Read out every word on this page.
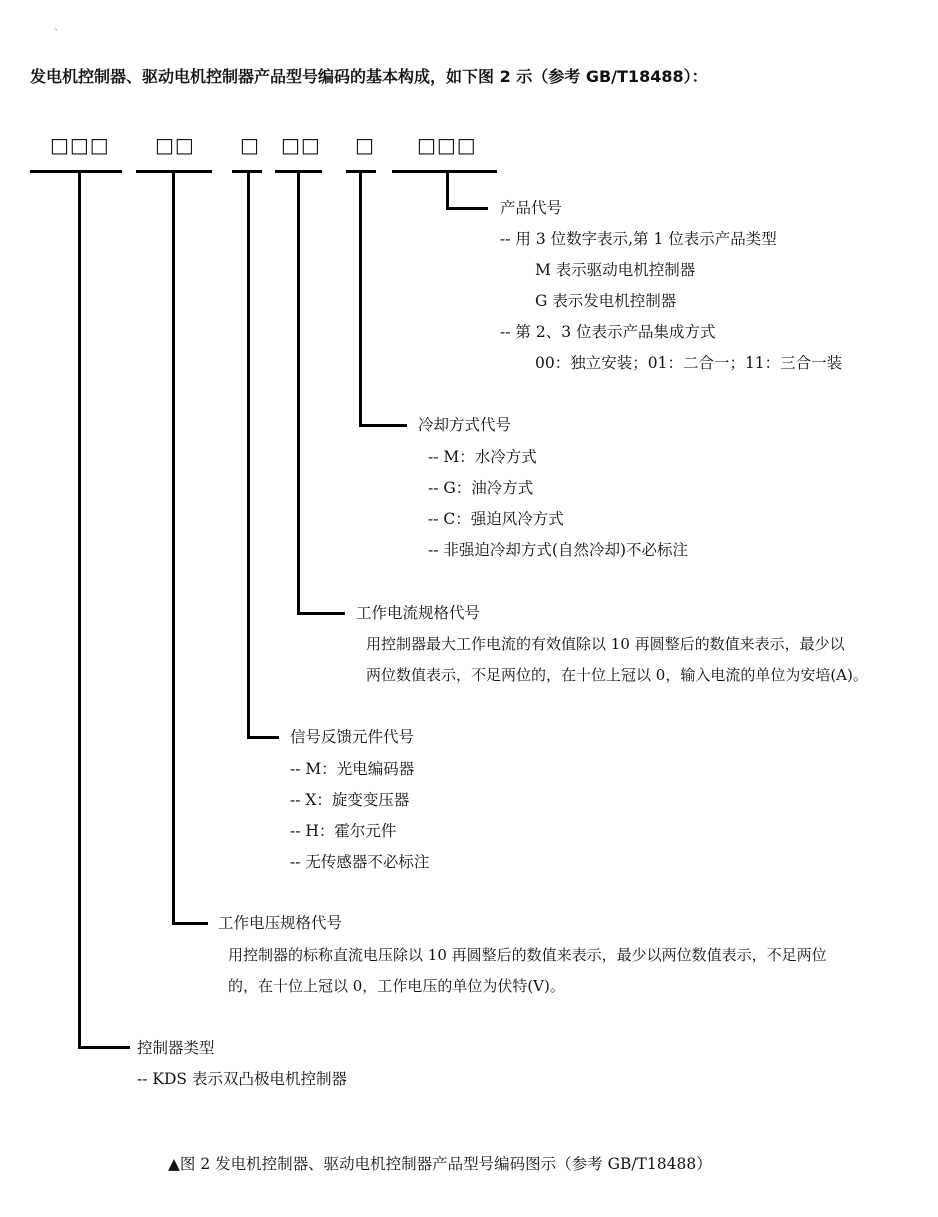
、
发电机控制器、驱动电机控制器产品型号编码的基本构成，如下图 2 示（参考 GB/T18488）：
□□□ □□ □ □□ □ □□□
产品代号
-- 用 3 位数字表示,第 1 位表示产品类型
M 表示驱动电机控制器
G 表示发电机控制器
-- 第 2、3 位表示产品集成方式
00：独立安装；01：二合一；11：三合一装
冷却方式代号
-- M：水冷方式
-- G：油冷方式
-- C：强迫风冷方式
-- 非强迫冷却方式(自然冷却)不必标注
工作电流规格代号
用控制器最大工作电流的有效值除以 10 再圆整后的数值来表示，最少以
两位数值表示，不足两位的，在十位上冠以 0，输入电流的单位为安培(A)。
信号反馈元件代号
-- M：光电编码器
-- X：旋变变压器
-- H：霍尔元件
-- 无传感器不必标注
工作电压规格代号
用控制器的标称直流电压除以 10 再圆整后的数值来表示，最少以两位数值表示，不足两位
的，在十位上冠以 0，工作电压的单位为伏特(V)。
控制器类型
-- KDS 表示双凸极电机控制器
▲图 2 发电机控制器、驱动电机控制器产品型号编码图示（参考 GB/T18488）
